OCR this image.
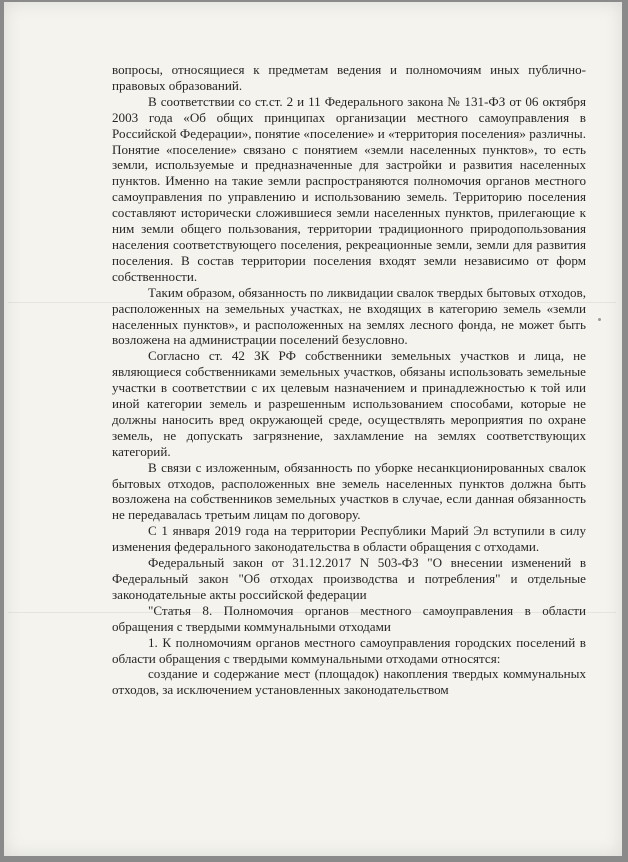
вопросы, относящиеся к предметам ведения и полномочиям иных публично-правовых образований.

В соответствии со ст.ст. 2 и 11 Федерального закона № 131-ФЗ от 06 октября 2003 года «Об общих принципах организации местного самоуправления в Российской Федерации», понятие «поселение» и «территория поселения» различны. Понятие «поселение» связано с понятием «земли населенных пунктов», то есть земли, используемые и предназначенные для застройки и развития населенных пунктов. Именно на такие земли распространяются полномочия органов местного самоуправления по управлению и использованию земель. Территорию поселения составляют исторически сложившиеся земли населенных пунктов, прилегающие к ним земли общего пользования, территории традиционного природопользования населения соответствующего поселения, рекреационные земли, земли для развития поселения. В состав территории поселения входят земли независимо от форм собственности.

Таким образом, обязанность по ликвидации свалок твердых бытовых отходов, расположенных на земельных участках, не входящих в категорию земель «земли населенных пунктов», и расположенных на землях лесного фонда, не может быть возложена на администрации поселений безусловно.

Согласно ст. 42 ЗК РФ собственники земельных участков и лица, не являющиеся собственниками земельных участков, обязаны использовать земельные участки в соответствии с их целевым назначением и принадлежностью к той или иной категории земель и разрешенным использованием способами, которые не должны наносить вред окружающей среде, осуществлять мероприятия по охране земель, не допускать загрязнение, захламление на землях соответствующих категорий.

В связи с изложенным, обязанность по уборке несанкционированных свалок бытовых отходов, расположенных вне земель населенных пунктов должна быть возложена на собственников земельных участков в случае, если данная обязанность не передавалась третьим лицам по договору.

С 1 января 2019 года на территории Республики Марий Эл вступили в силу изменения федерального законодательства в области обращения с отходами.

Федеральный закон от 31.12.2017 N 503-ФЗ "О внесении изменений в Федеральный закон "Об отходах производства и потребления" и отдельные законодательные акты российской федерации

"Статья 8. Полномочия органов местного самоуправления в области обращения с твердыми коммунальными отходами

1. К полномочиям органов местного самоуправления городских поселений в области обращения с твердыми коммунальными отходами относятся:

создание и содержание мест (площадок) накопления твердых коммунальных отходов, за исключением установленных законодательством
